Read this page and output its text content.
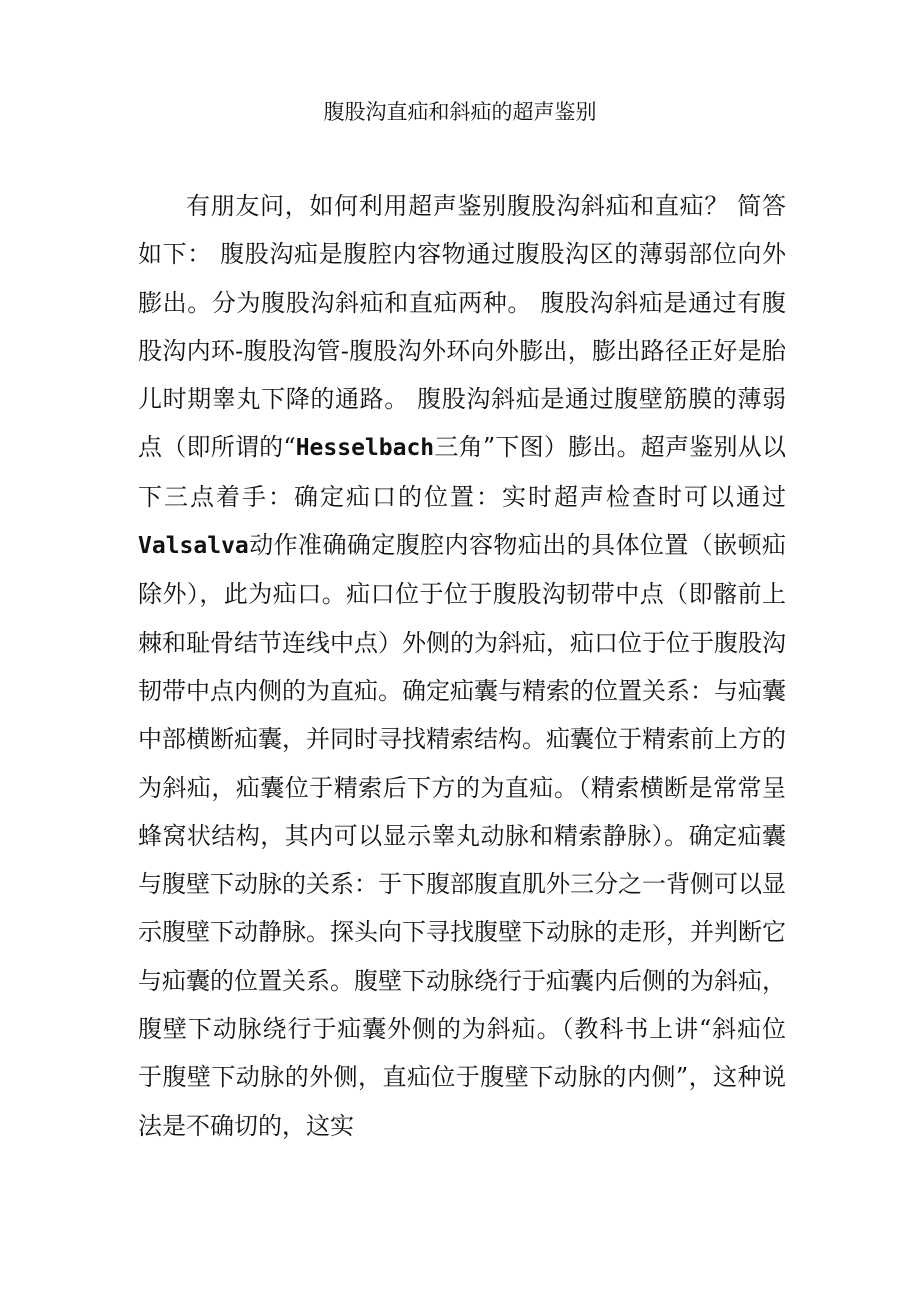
腹股沟直疝和斜疝的超声鉴别

有朋友问，如何利用超声鉴别腹股沟斜疝和直疝？ 简答如下： 腹股沟疝是腹腔内容物通过腹股沟区的薄弱部位向外膨出。分为腹股沟斜疝和直疝两种。 腹股沟斜疝是通过有腹股沟内环-腹股沟管-腹股沟外环向外膨出，膨出路径正好是胎儿时期睾丸下降的通路。 腹股沟斜疝是通过腹壁筋膜的薄弱点（即所谓的“Hesselbach三角”下图）膨出。超声鉴别从以下三点着手：确定疝口的位置：实时超声检查时可以通过Valsalva动作准确确定腹腔内容物疝出的具体位置（嵌顿疝除外），此为疝口。疝口位于位于腹股沟韧带中点（即髂前上棘和耻骨结节连线中点）外侧的为斜疝，疝口位于位于腹股沟韧带中点内侧的为直疝。确定疝囊与精索的位置关系：与疝囊中部横断疝囊，并同时寻找精索结构。疝囊位于精索前上方的为斜疝，疝囊位于精索后下方的为直疝。（精索横断是常常呈蜂窝状结构，其内可以显示睾丸动脉和精索静脉）。确定疝囊与腹壁下动脉的关系：于下腹部腹直肌外三分之一背侧可以显示腹壁下动静脉。探头向下寻找腹壁下动脉的走形，并判断它与疝囊的位置关系。腹壁下动脉绕行于疝囊内后侧的为斜疝，腹壁下动脉绕行于疝囊外侧的为斜疝。（教科书上讲“斜疝位于腹壁下动脉的外侧，直疝位于腹壁下动脉的内侧”，这种说法是不确切的，这实
